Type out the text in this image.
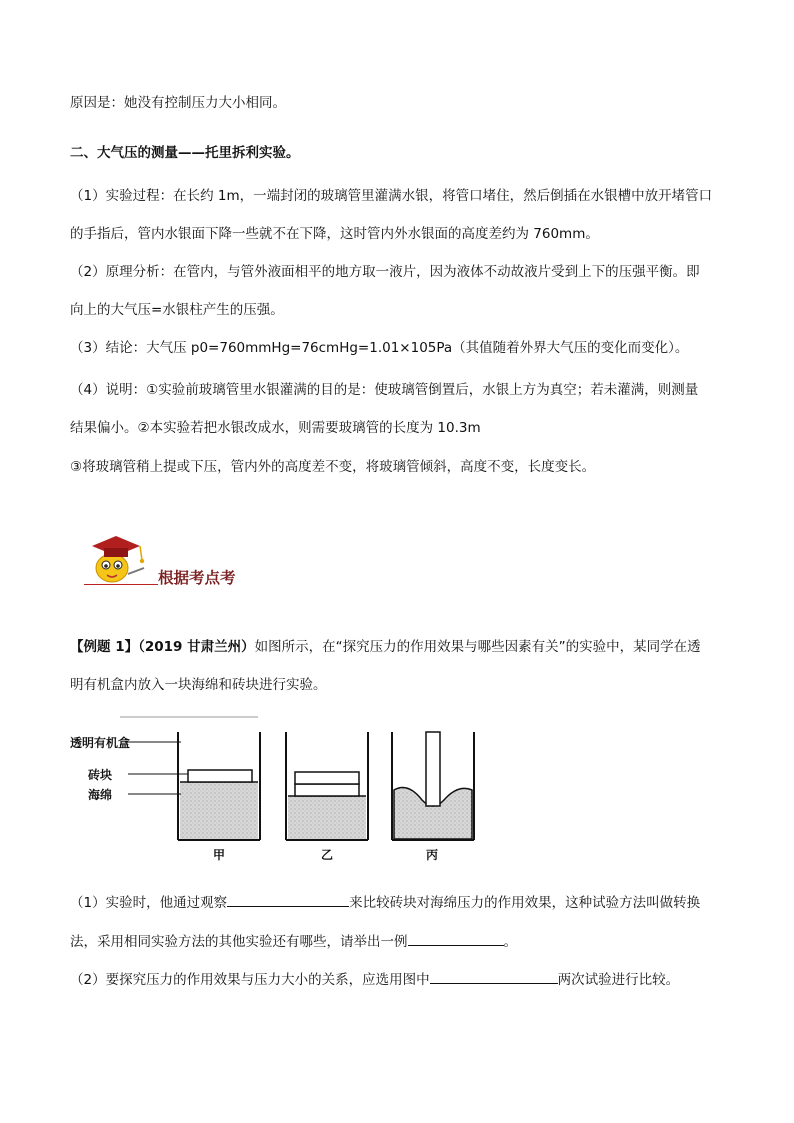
原因是：她没有控制压力大小相同。

二、大气压的测量——托里拆利实验。

（1）实验过程：在长约 1m，一端封闭的玻璃管里灌满水银，将管口堵住，然后倒插在水银槽中放开堵管口
的手指后，管内水银面下降一些就不在下降，这时管内外水银面的高度差约为 760mm。
（2）原理分析：在管内，与管外液面相平的地方取一液片，因为液体不动故液片受到上下的压强平衡。即
向上的大气压=水银柱产生的压强。

（3）结论：大气压 p0=760mmHg=76cmHg=1.01×105Pa（其值随着外界大气压的变化而变化）。

（4）说明：①实验前玻璃管里水银灌满的目的是：使玻璃管倒置后，水银上方为真空；若未灌满，则测量
结果偏小。②本实验若把水银改成水，则需要玻璃管的长度为 10.3m

③将玻璃管稍上提或下压，管内外的高度差不变，将玻璃管倾斜，高度不变，长度变长。

根据考点考
【例题 1】（2019 甘肃兰州）如图所示，在“探究压力的作用效果与哪些因素有关”的实验中，某同学在透
明有机盒内放入一块海绵和砖块进行实验。
透明有机盒
砖块
海绵
甲	乙	丙
（1）实验时，他通过观察	来比较砖块对海绵压力的作用效果，这种试验方法叫做转换
法，采用相同实验方法的其他实验还有哪些，请举出一例	。
（2）要探究压力的作用效果与压力大小的关系，应选用图中	两次试验进行比较。
